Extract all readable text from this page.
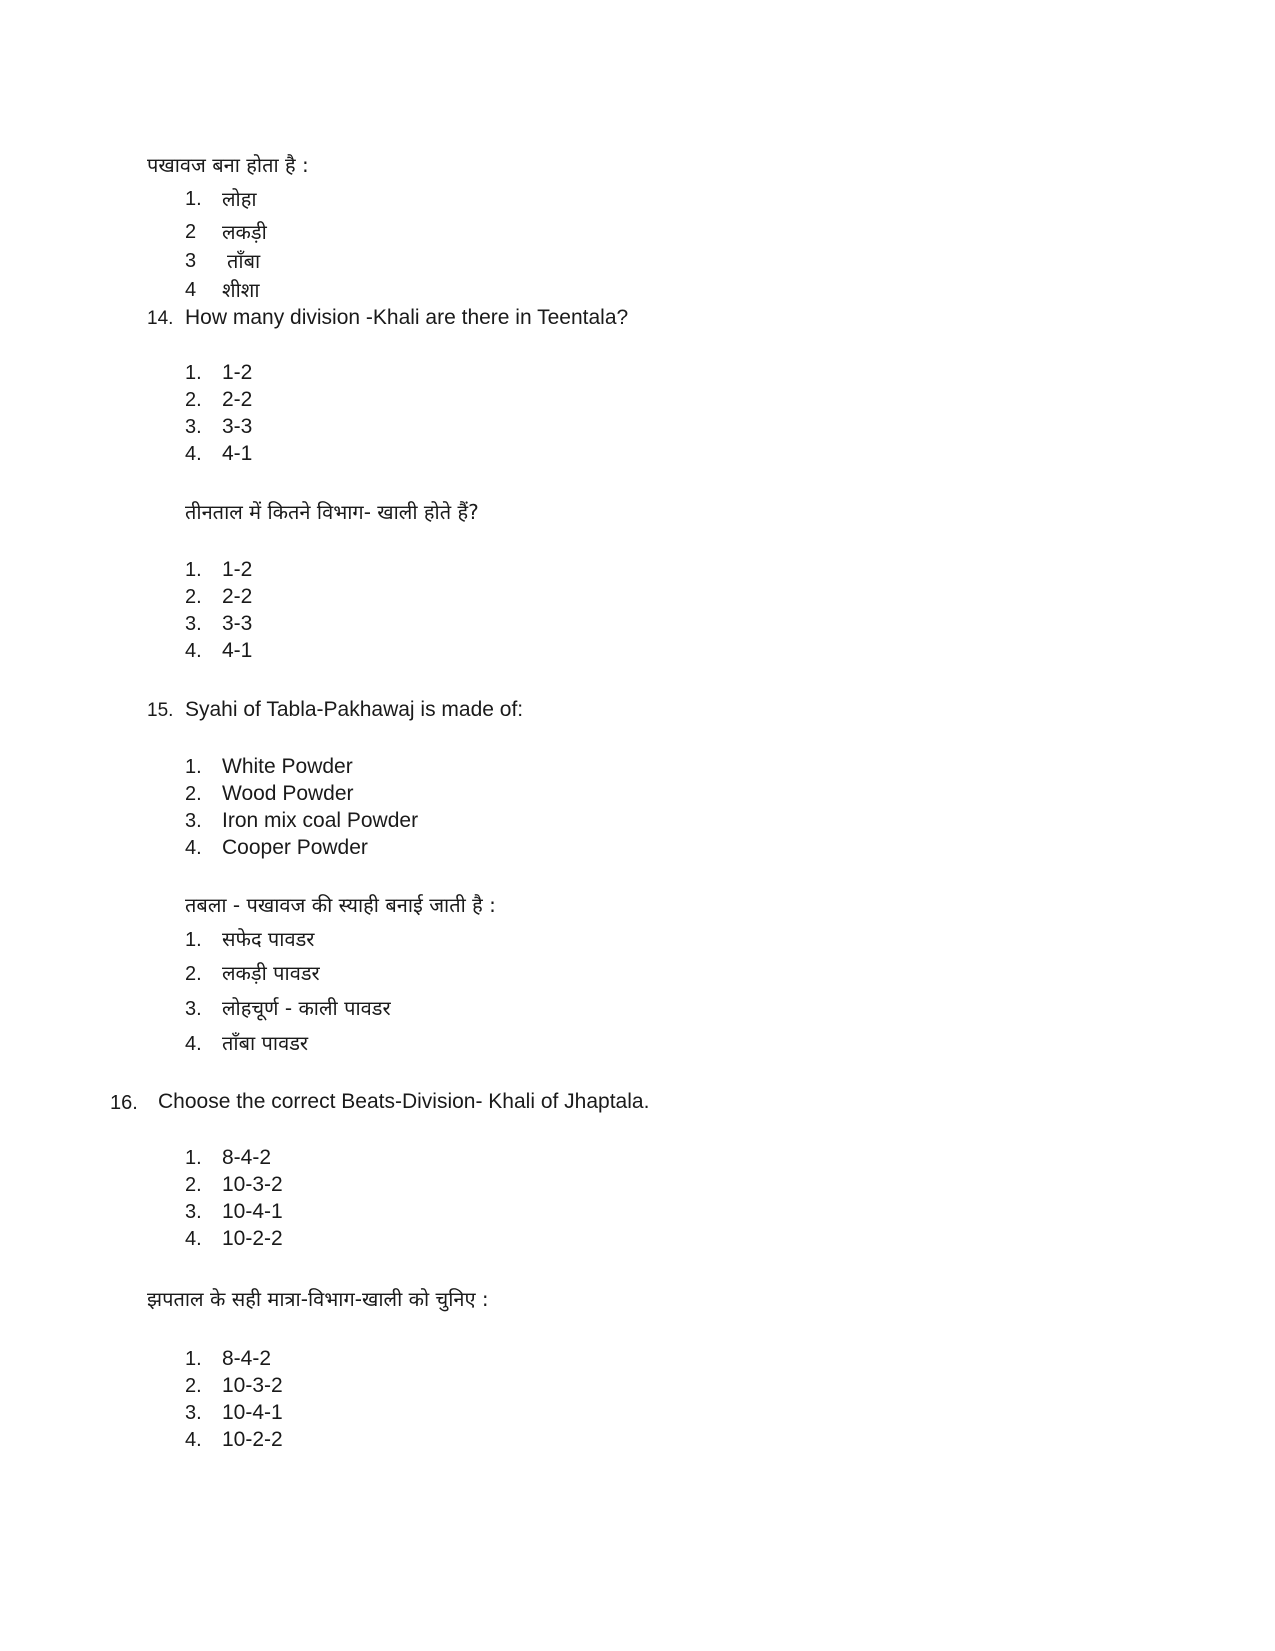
पखावज बना होता है :
1. लोहा
2 लकड़ी
3 ताँबा
4 शीशा
14. How many division -Khali are there in Teentala?
1. 1-2
2. 2-2
3. 3-3
4. 4-1
तीनताल में कितने विभाग- खाली होते हैं?
1. 1-2
2. 2-2
3. 3-3
4. 4-1
15. Syahi of Tabla-Pakhawaj is made of:
1. White Powder
2. Wood Powder
3. Iron mix coal Powder
4. Cooper Powder
तबला - पखावज की स्याही बनाई जाती है :
1. सफेद पावडर
2. लकड़ी पावडर
3. लोहचूर्ण - काली पावडर
4. ताँबा पावडर
16. Choose the correct Beats-Division- Khali of Jhaptala.
1. 8-4-2
2. 10-3-2
3. 10-4-1
4. 10-2-2
झपताल के सही मात्रा-विभाग-खाली को चुनिए :
1. 8-4-2
2. 10-3-2
3. 10-4-1
4. 10-2-2
